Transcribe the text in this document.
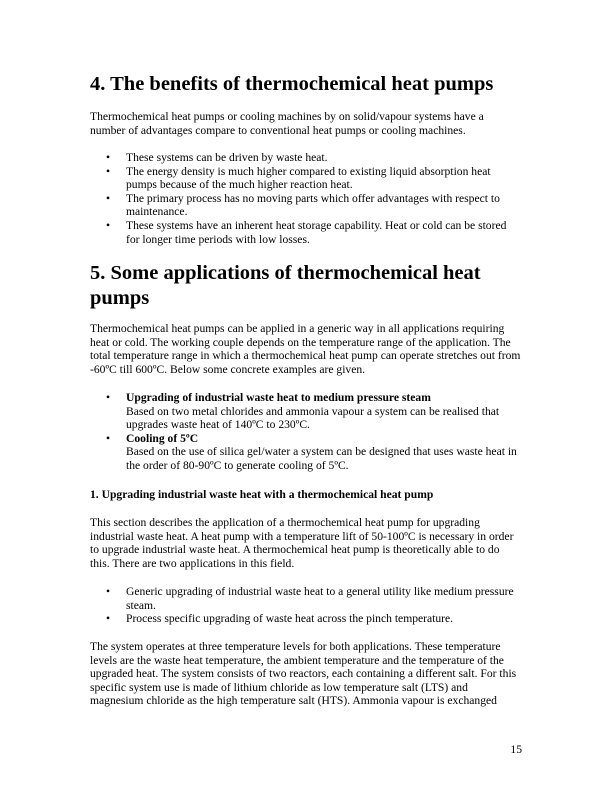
4. The benefits of thermochemical heat pumps

Thermochemical heat pumps or cooling machines by on solid/vapour systems have a number of advantages compare to conventional heat pumps or cooling machines.

•	These systems can be driven by waste heat.
•	The energy density is much higher compared to existing liquid absorption heat pumps because of the much higher reaction heat.
•	The primary process has no moving parts which offer advantages with respect to maintenance.
•	These systems have an inherent heat storage capability. Heat or cold can be stored for longer time periods with low losses.
5. Some applications of thermochemical heat pumps

Thermochemical heat pumps can be applied in a generic way in all applications requiring heat or cold. The working couple depends on the temperature range of the application. The total temperature range in which a thermochemical heat pump can operate stretches out from -60ºC till 600ºC. Below some concrete examples are given.

•	Upgrading of industrial waste heat to medium pressure steam
Based on two metal chlorides and ammonia vapour a system can be realised that upgrades waste heat of 140ºC to 230ºC.
•	Cooling of 5ºC
Based on the use of silica gel/water a system can be designed that uses waste heat in the order of 80-90ºC to generate cooling of 5ºC.

1. Upgrading industrial waste heat with a thermochemical heat pump

This section describes the application of a thermochemical heat pump for upgrading industrial waste heat. A heat pump with a temperature lift of 50-100ºC is necessary in order to upgrade industrial waste heat. A thermochemical heat pump is theoretically able to do this. There are two applications in this field.

•	Generic upgrading of industrial waste heat to a general utility like medium pressure steam.
•	Process specific upgrading of waste heat across the pinch temperature.

The system operates at three temperature levels for both applications. These temperature levels are the waste heat temperature, the ambient temperature and the temperature of the upgraded heat. The system consists of two reactors, each containing a different salt. For this specific system use is made of lithium chloride as low temperature salt (LTS) and magnesium chloride as the high temperature salt (HTS). Ammonia vapour is exchanged

15
